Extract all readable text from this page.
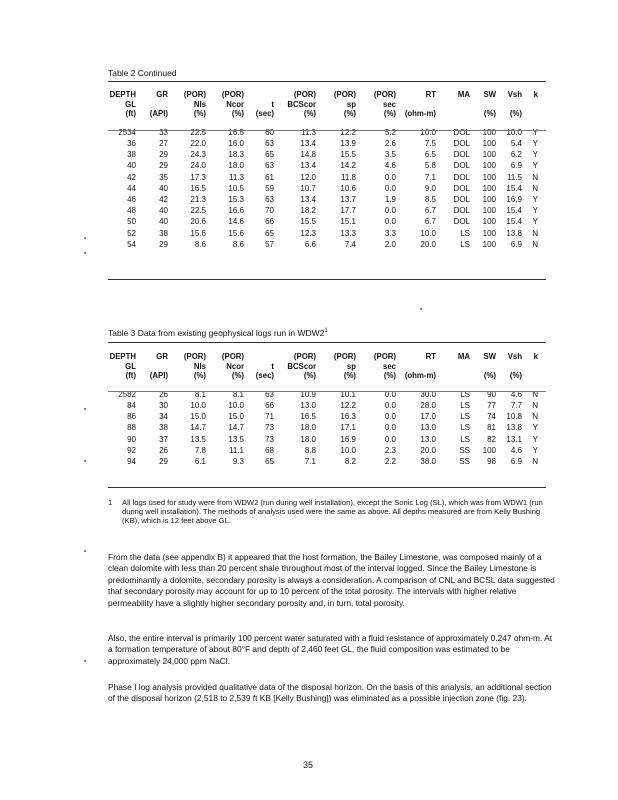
Table 2 Continued
DEPTH	GR	(POR)	(POR)		(POR)	(POR)	(POR)	RT	MA	SW	Vsh	k
GL		Nls	Ncor	t	BCScor	sp	sec					
(ft)	(API)	(%)	(%)	(sec)	(%)	(%)	(%)	(ohm-m)		(%)	(%)	

2534	33	22.5	16.5	60	11.3	12.2	5.2	10.0	DOL	100	10.0	Y
36	27	22.0	16.0	63	13.4	13.9	2.6	7.5	DOL	100	5.4	Y
38	29	24.3	18.3	65	14.8	15.5	3.5	6.5	DOL	100	6.2	Y
40	29	24.0	18.0	63	13.4	14.2	4.6	5.8	DOL	100	6.9	Y
42	35	17.3	11.3	61	12.0	11.8	0.0	7.1	DOL	100	11.5	N
44	40	16.5	10.5	59	10.7	10.6	0.0	9.0	DOL	100	15.4	N
46	42	21.3	15.3	63	13.4	13.7	1.9	8.5	DOL	100	16.9	Y
48	40	22.5	16.6	70	18.2	17.7	0.0	6.7	DOL	100	15.4	Y
50	40	20.6	14.6	66	15.5	15.1	0.0	6.7	DOL	100	15.4	Y
52	38	15.6	15.6	65	12.3	13.3	3.3	10.0	LS	100	13.8	N
54	29	8.6	8.6	57	6.6	7.4	2.0	20.0	LS	100	6.9	N
Table 3 Data from existing geophysical logs run in $WDW2^1$
DEPTH	GR	(POR)	(POR)		(POR)	(POR)	(POR)	RT	MA	SW	Vsh	k
GL		Nls	Ncor	t	BCScor	sp	sec					
(ft)	(API)	(%)	(%)	(sec)	(%)	(%)	(%)	(ohm-m)		(%)	(%)	

2582	26	8.1	8.1	63	10.9	10.1	0.0	30.0	LS	90	4.6	N
84	30	10.0	10.0	66	13.0	12.2	0.0	28.0	LS	77	7.7	N
86	34	15.0	15.0	71	16.5	16.3	0.0	17.0	LS	74	10.8	N
88	38	14.7	14.7	73	18.0	17.1	0.0	13.0	LS	81	13.8	Y
90	37	13.5	13.5	73	18.0	16.9	0.0	13.0	LS	82	13.1	Y
92	26	7.8	11.1	68	8.8	10.0	2.3	20.0	SS	100	4.6	Y
94	29	6.1	9.3	65	7.1	8.2	2.2	38.0	SS	98	6.9	N
1 All logs used for study were from WDW2 (run during well installation), except the Sonic Log (SL), which was from WDW1 (run during well installation). The methods of analysis used were the same as above. All depths measured are from Kelly Bushing (KB), which is 12 feet above GL.

From the data (see appendix B) it appeared that the host formation, the Bailey Limestone, was composed mainly of a clean dolomite with less than 20 percent shale throughout most of the interval logged. Since the Bailey Limestone is predominantly a dolomite, secondary porosity is always a consideration. A comparison of CNL and BCSL data suggested that secondary porosity may account for up to 10 percent of the total porosity. The intervals with higher relative permeability have a slightly higher secondary porosity and, in turn, total porosity.

Also, the entire interval is primarily 100 percent water saturated with a fluid resistance of approximately 0.247 ohm-m. At a formation temperature of about 80°F and depth of 2,460 feet GL, the fluid composition was estimated to be approximately 24,000 ppm NaCl.

Phase I log analysis provided qualitative data of the disposal horizon. On the basis of this analysis, an additional section of the disposal horizon (2,518 to 2,539 ft KB [Kelly Bushing]) was eliminated as a possible injection zone (fig. 23).

35
